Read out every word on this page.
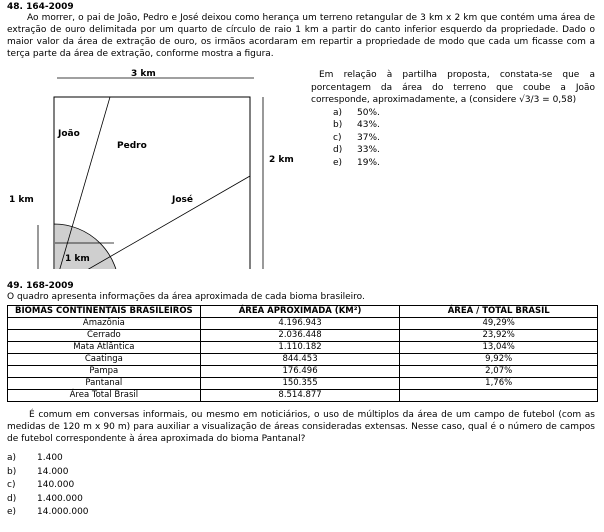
48. 164-2009
Ao morrer, o pai de João, Pedro e José deixou como herança um terreno retangular de 3 km x 2 km que contém uma área de extração de ouro delimitada por um quarto de círculo de raio 1 km a partir do canto inferior esquerdo da propriedade. Dado o maior valor da área de extração de ouro, os irmãos acordaram em repartir a propriedade de modo que cada um ficasse com a terça parte da área de extração, conforme mostra a figura.
3 km
João
Pedro
José
2 km
1 km
1 km
Em relação à partilha proposta, constata-se que a porcentagem da área do terreno que coube a João corresponde, aproximadamente, a (considere √3/3 = 0,58)
a) 50%.
b) 43%.
c) 37%.
d) 33%.
e) 19%.
49. 168-2009
O quadro apresenta informações da área aproximada de cada bioma brasileiro.
BIOMAS CONTINENTAIS BRASILEIROS	ÁREA APROXIMADA (KM²)	ÁREA / TOTAL BRASIL
Amazônia	4.196.943	49,29%
Cerrado	2.036.448	23,92%
Mata Atlântica	1.110.182	13,04%
Caatinga	844.453	9,92%
Pampa	176.496	2,07%
Pantanal	150.355	1,76%
Área Total Brasil	8.514.877	
É comum em conversas informais, ou mesmo em noticiários, o uso de múltiplos da área de um campo de futebol (com as medidas de 120 m x 90 m) para auxiliar a visualização de áreas consideradas extensas. Nesse caso, qual é o número de campos de futebol correspondente à área aproximada do bioma Pantanal?
a) 1.400
b) 14.000
c) 140.000
d) 1.400.000
e) 14.000.000
